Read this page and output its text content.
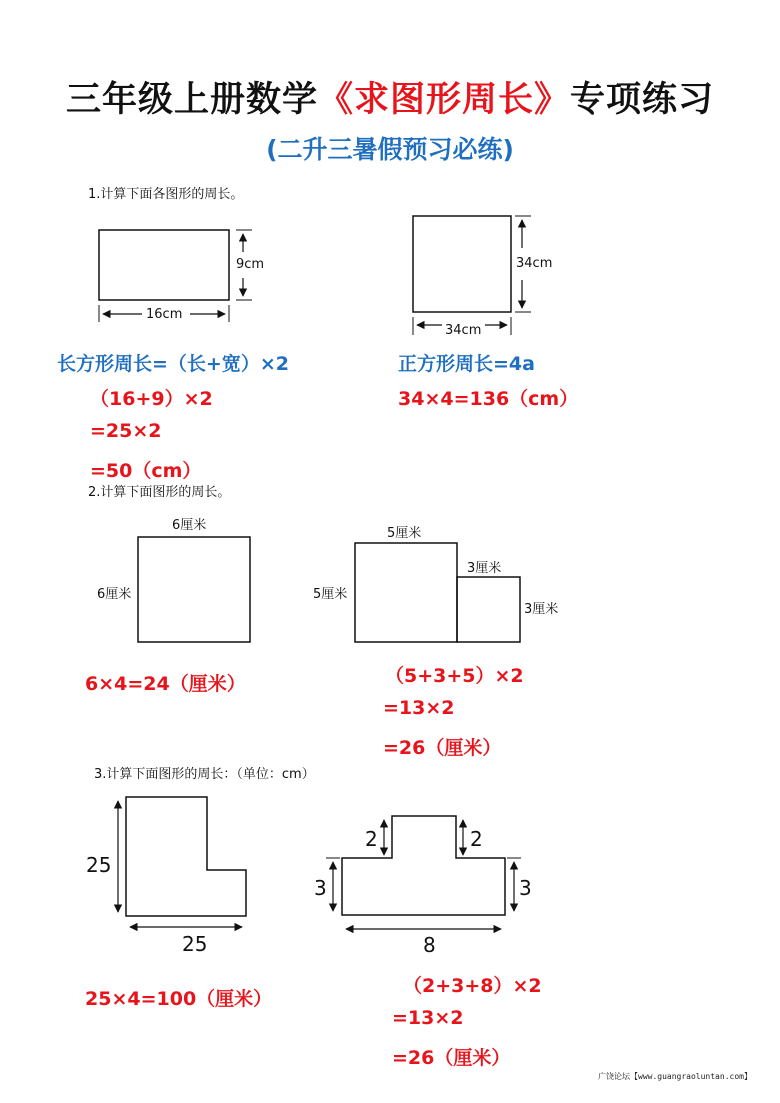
三年级上册数学《求图形周长》专项练习
(二升三暑假预习必练)
1.计算下面各图形的周长。
16cm
9cm	34cm
34cm
长方形周长=（长+宽）×2
（16+9）×2
=25×2
=50（cm）
正方形周长=4a
34×4=136（cm）
2.计算下面图形的周长。
6厘米
6厘米
5厘米
5厘米
3厘米
3厘米
6×4=24（厘米）	（5+3+5）×2
=13×2
=26（厘米）
3.计算下面图形的周长：（单位：cm）
25
25
2	2
3	3
8
25×4=100（厘米）
（2+3+8）×2
=13×2
=26（厘米）
广饶论坛【www.guangraoluntan.com】
